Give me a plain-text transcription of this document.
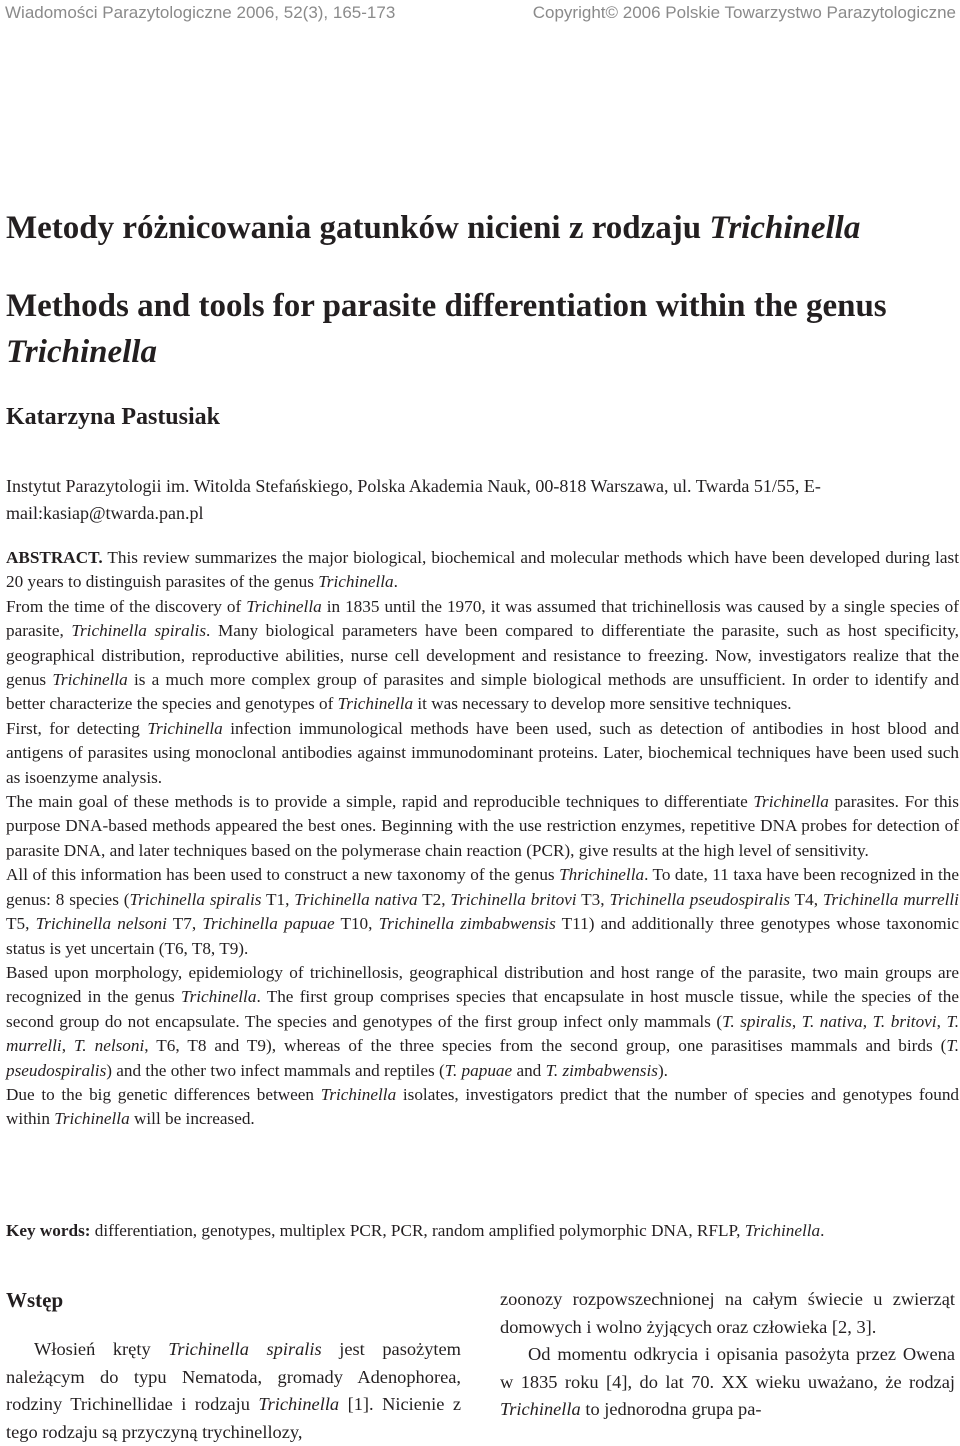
Wiadomości Parazytologiczne 2006, 52(3), 165-173	Copyright© 2006 Polskie Towarzystwo Parazytologiczne
Metody różnicowania gatunków nicieni z rodzaju Trichinella
Methods and tools for parasite differentiation within the genus Trichinella

Katarzyna Pastusiak

Instytut Parazytologii im. Witolda Stefańskiego, Polska Akademia Nauk, 00-818 Warszawa, ul. Twarda 51/55, E-mail:kasiap@twarda.pan.pl

ABSTRACT. This review summarizes the major biological, biochemical and molecular methods which have been developed during last 20 years to distinguish parasites of the genus Trichinella.

From the time of the discovery of Trichinella in 1835 until the 1970, it was assumed that trichinellosis was caused by a single species of parasite, Trichinella spiralis. Many biological parameters have been compared to differentiate the parasite, such as host specificity, geographical distribution, reproductive abilities, nurse cell development and resistance to freezing. Now, investigators realize that the genus Trichinella is a much more complex group of parasites and simple biological methods are unsufficient. In order to identify and better characterize the species and genotypes of Trichinella it was necessary to develop more sensitive techniques.

First, for detecting Trichinella infection immunological methods have been used, such as detection of antibodies in host blood and antigens of parasites using monoclonal antibodies against immunodominant proteins. Later, biochemical techniques have been used such as isoenzyme analysis.

The main goal of these methods is to provide a simple, rapid and reproducible techniques to differentiate Trichinella parasites. For this purpose DNA-based methods appeared the best ones. Beginning with the use restriction enzymes, repetitive DNA probes for detection of parasite DNA, and later techniques based on the polymerase chain reaction (PCR), give results at the high level of sensitivity.

All of this information has been used to construct a new taxonomy of the genus Thrichinella. To date, 11 taxa have been recognized in the genus: 8 species (Trichinella spiralis T1, Trichinella nativa T2, Trichinella britovi T3, Trichinella pseudospiralis T4, Trichinella murrelli T5, Trichinella nelsoni T7, Trichinella papuae T10, Trichinella zimbabwensis T11) and additionally three genotypes whose taxonomic status is yet uncertain (T6, T8, T9).

Based upon morphology, epidemiology of trichinellosis, geographical distribution and host range of the parasite, two main groups are recognized in the genus Trichinella. The first group comprises species that encapsulate in host muscle tissue, while the species of the second group do not encapsulate. The species and genotypes of the first group infect only mammals (T. spiralis, T. nativa, T. britovi, T. murrelli, T. nelsoni, T6, T8 and T9), whereas of the three species from the second group, one parasitises mammals and birds (T. pseudospiralis) and the other two infect mammals and reptiles (T. papuae and T. zimbabwensis).

Due to the big genetic differences between Trichinella isolates, investigators predict that the number of species and genotypes found within Trichinella will be increased.

Key words: differentiation, genotypes, multiplex PCR, PCR, random amplified polymorphic DNA, RFLP, Trichinella.

Wstęp

Włosień kręty Trichinella spiralis jest pasożytem należącym do typu Nematoda, gromady Adenophorea, rodziny Trichinellidae i rodzaju Trichinella [1]. Nicienie z tego rodzaju są przyczyną trychinellozy,

zoonozy rozpowszechnionej na całym świecie u zwierząt domowych i wolno żyjących oraz człowieka [2, 3].

Od momentu odkrycia i opisania pasożyta przez Owena w 1835 roku [4], do lat 70. XX wieku uważano, że rodzaj Trichinella to jednorodna grupa pa-
